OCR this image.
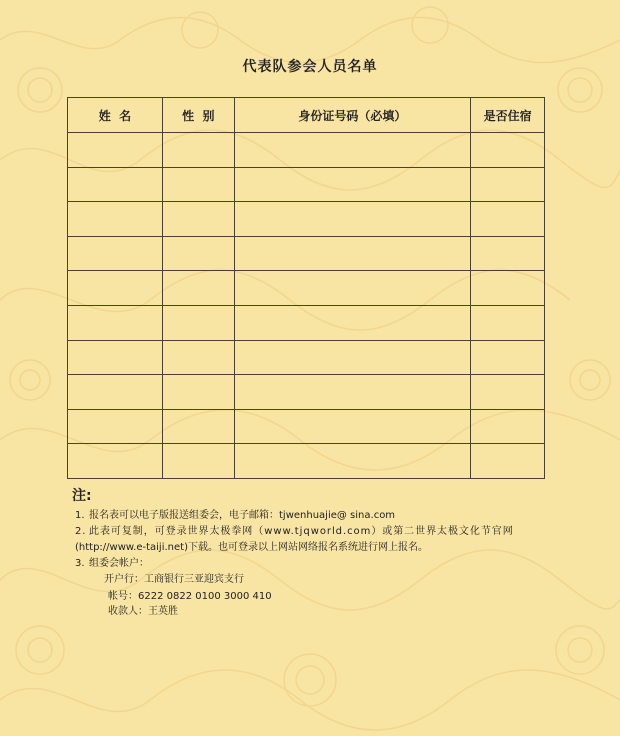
代表队参会人员名单
姓  名	性  别	身份证号码（必填）	是否住宿

注:
1. 报名表可以电子版报送组委会，电子邮箱：tjwenhuajie@ sina.com
2. 此表可复制，可登录世界太极拳网（www.tjqworld.com）或第二世界太极文化节官网
(http://www.e-taiji.net)下载。也可登录以上网站网络报名系统进行网上报名。
3. 组委会帐户：
开户行：工商银行三亚迎宾支行
帐号：6222 0822 0100 3000 410
收款人：王英胜
